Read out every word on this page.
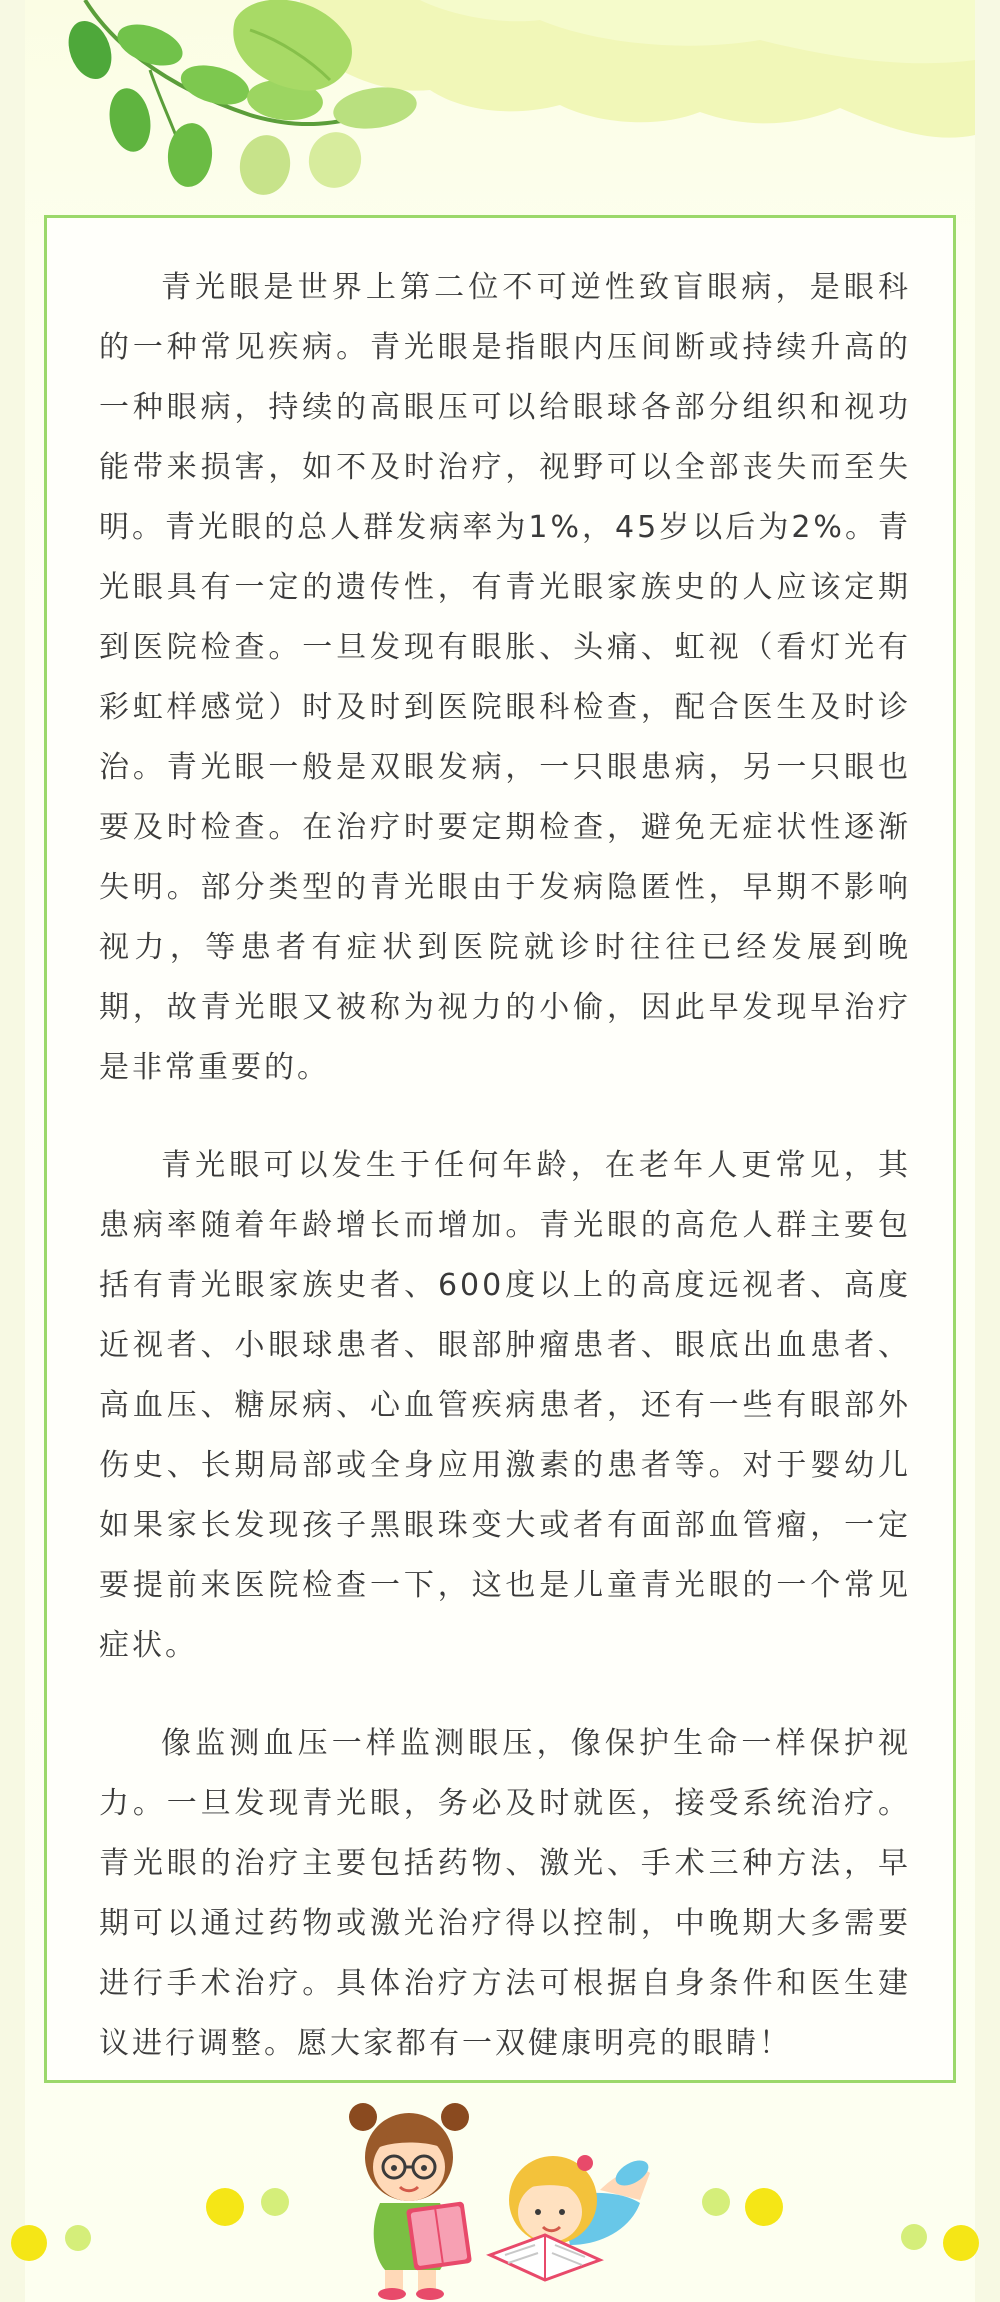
青光眼是世界上第二位不可逆性致盲眼病，是眼科的一种常见疾病。青光眼是指眼内压间断或持续升高的一种眼病，持续的高眼压可以给眼球各部分组织和视功能带来损害，如不及时治疗，视野可以全部丧失而至失明。青光眼的总人群发病率为1%，45岁以后为2%。青光眼具有一定的遗传性，有青光眼家族史的人应该定期到医院检查。一旦发现有眼胀、头痛、虹视（看灯光有彩虹样感觉）时及时到医院眼科检查，配合医生及时诊治。青光眼一般是双眼发病，一只眼患病，另一只眼也要及时检查。在治疗时要定期检查，避免无症状性逐渐失明。部分类型的青光眼由于发病隐匿性，早期不影响视力，等患者有症状到医院就诊时往往已经发展到晚期，故青光眼又被称为视力的小偷，因此早发现早治疗是非常重要的。

青光眼可以发生于任何年龄，在老年人更常见，其患病率随着年龄增长而增加。青光眼的高危人群主要包括有青光眼家族史者、600度以上的高度远视者、高度近视者、小眼球患者、眼部肿瘤患者、眼底出血患者、高血压、糖尿病、心血管疾病患者，还有一些有眼部外伤史、长期局部或全身应用激素的患者等。对于婴幼儿如果家长发现孩子黑眼珠变大或者有面部血管瘤，一定要提前来医院检查一下，这也是儿童青光眼的一个常见症状。

像监测血压一样监测眼压，像保护生命一样保护视力。一旦发现青光眼，务必及时就医，接受系统治疗。青光眼的治疗主要包括药物、激光、手术三种方法，早期可以通过药物或激光治疗得以控制，中晚期大多需要进行手术治疗。具体治疗方法可根据自身条件和医生建议进行调整。愿大家都有一双健康明亮的眼睛！
